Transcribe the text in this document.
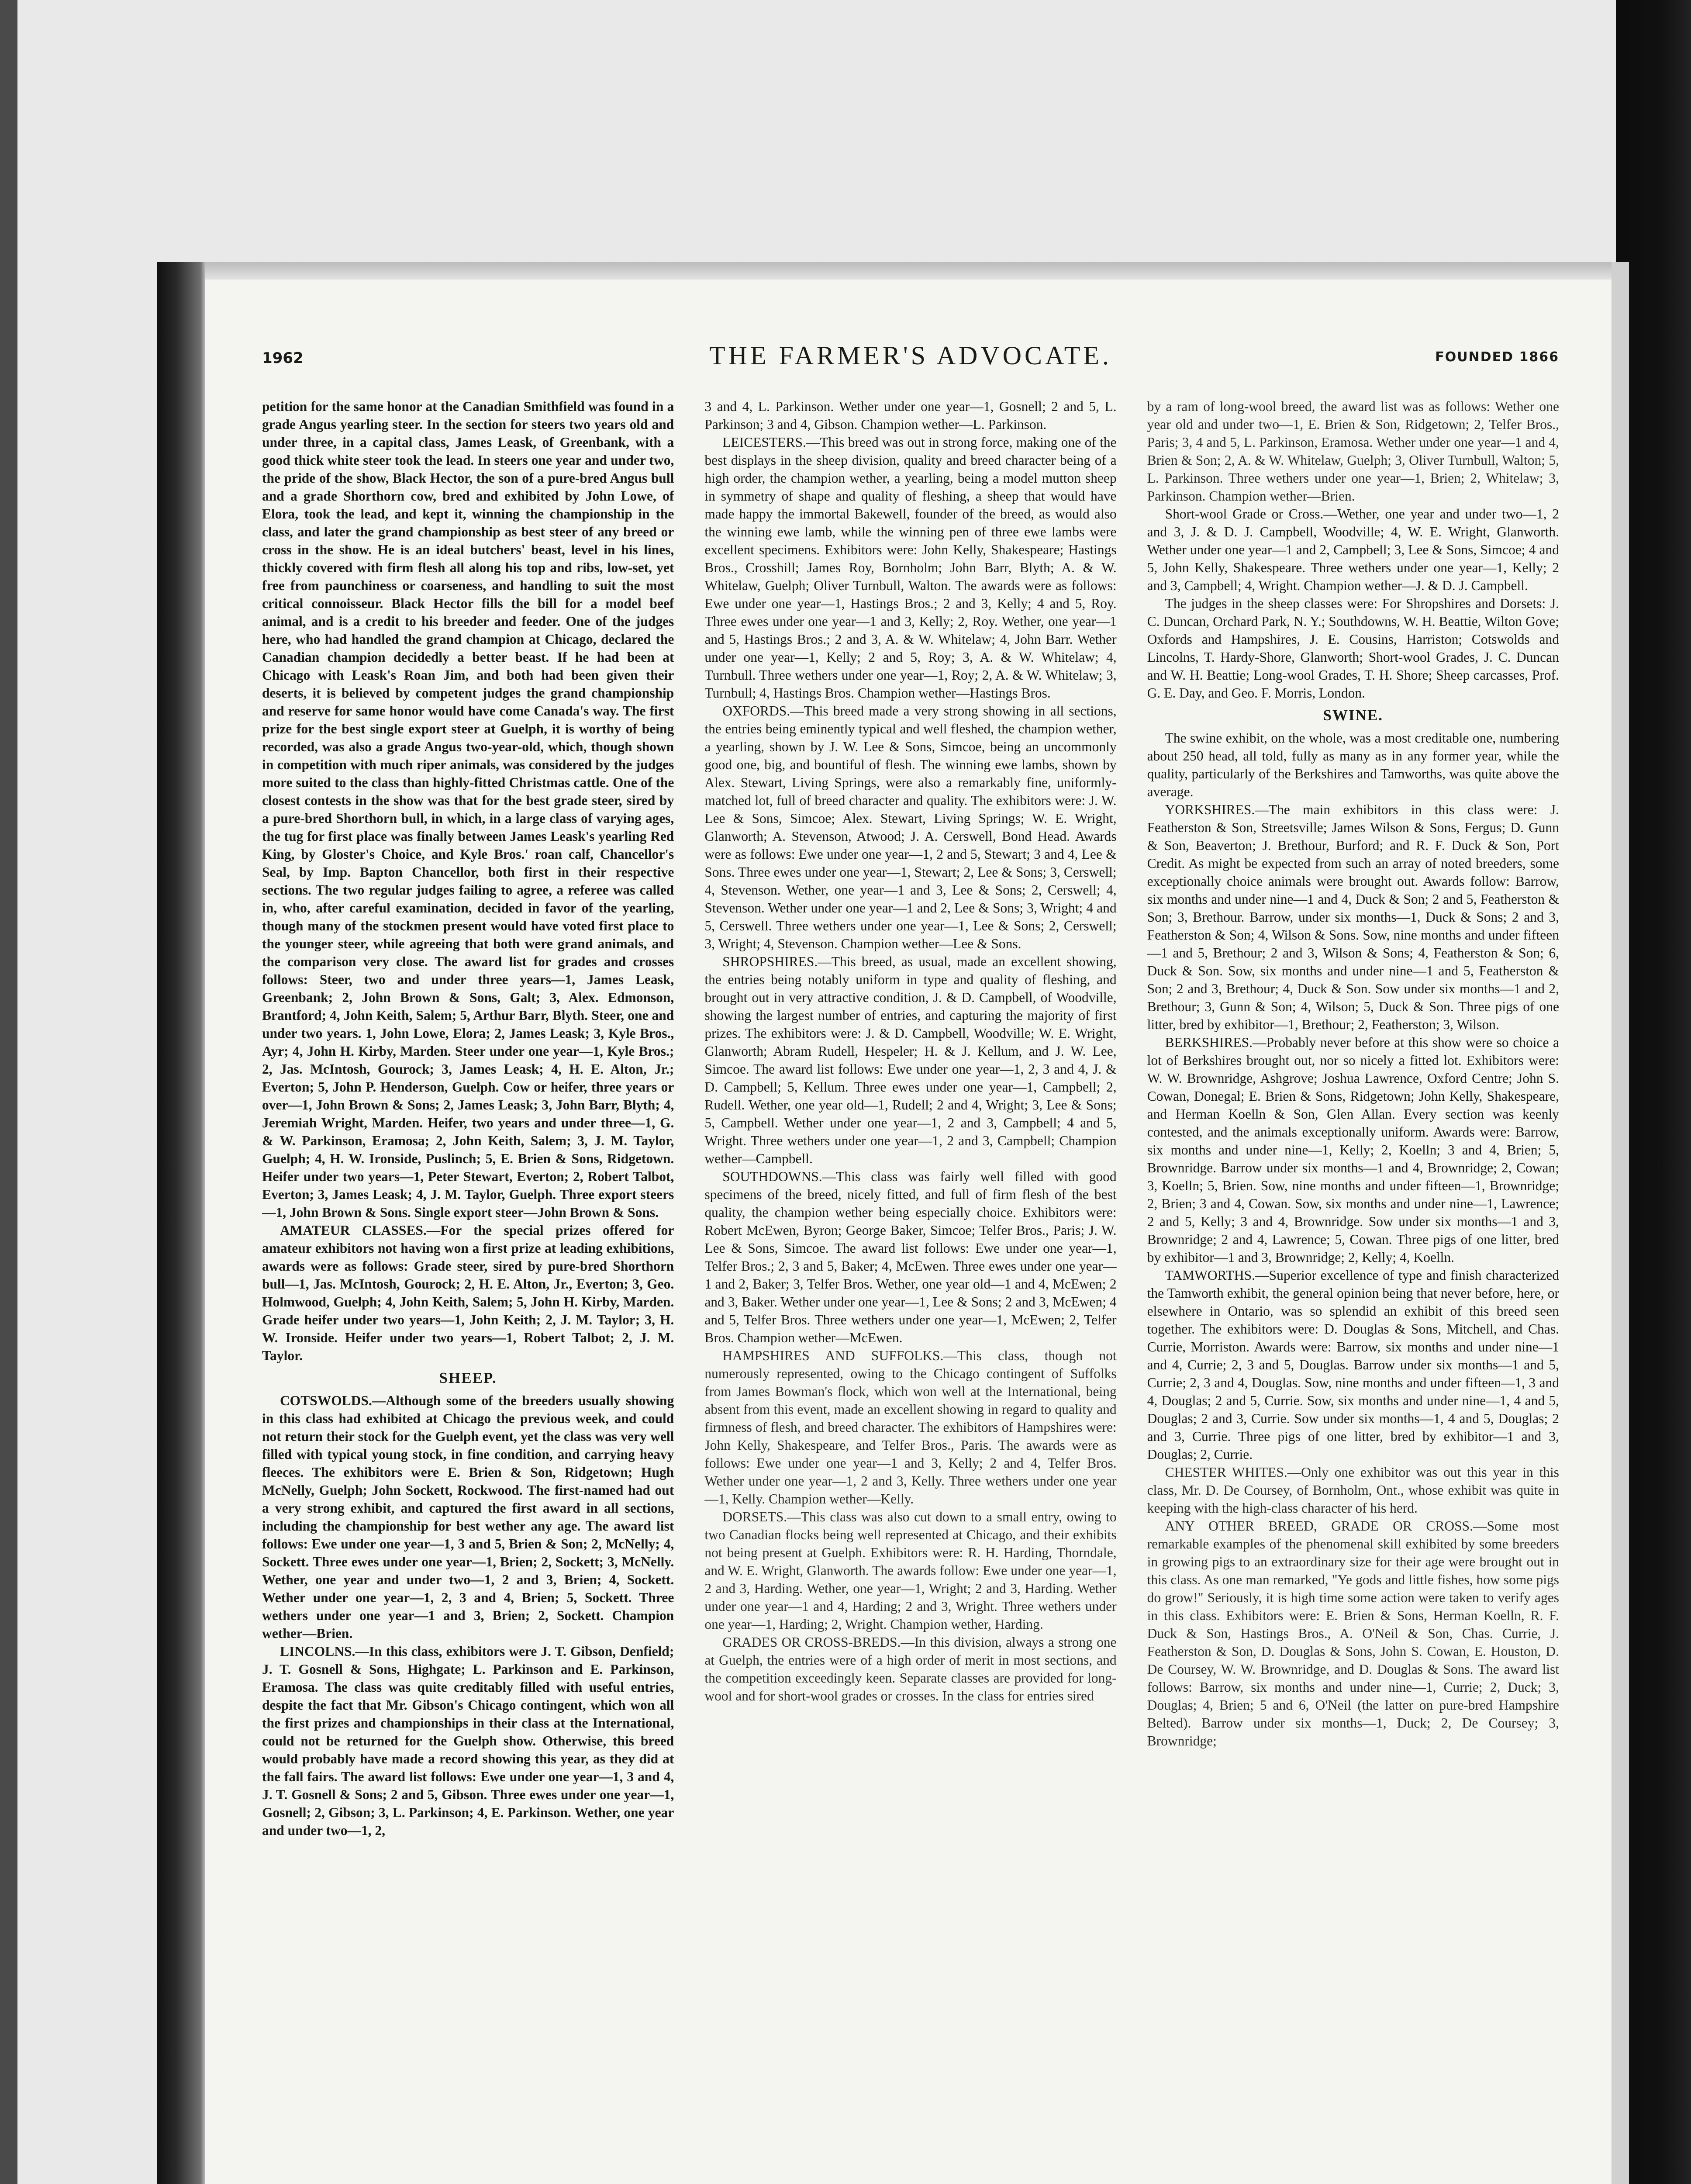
1962	THE FARMER'S ADVOCATE.	FOUNDED 1866

petition for the same honor at the Canadian Smithfield was found in a grade Angus yearling steer. In the section for steers two years old and under three, in a capital class, James Leask, of Greenbank, with a good thick white steer took the lead. In steers one year and under two, the pride of the show, Black Hector, the son of a pure-bred Angus bull and a grade Shorthorn cow, bred and exhibited by John Lowe, of Elora, took the lead, and kept it, winning the championship in the class, and later the grand championship as best steer of any breed or cross in the show. He is an ideal butchers' beast, level in his lines, thickly covered with firm flesh all along his top and ribs, low-set, yet free from paunchiness or coarseness, and handling to suit the most critical connoisseur. Black Hector fills the bill for a model beef animal, and is a credit to his breeder and feeder. One of the judges here, who had handled the grand champion at Chicago, declared the Canadian champion decidedly a better beast. If he had been at Chicago with Leask's Roan Jim, and both had been given their deserts, it is believed by competent judges the grand championship and reserve for same honor would have come Canada's way. The first prize for the best single export steer at Guelph, it is worthy of being recorded, was also a grade Angus two-year-old, which, though shown in competition with much riper animals, was considered by the judges more suited to the class than highly-fitted Christmas cattle. One of the closest contests in the show was that for the best grade steer, sired by a pure-bred Shorthorn bull, in which, in a large class of varying ages, the tug for first place was finally between James Leask's yearling Red King, by Gloster's Choice, and Kyle Bros.' roan calf, Chancellor's Seal, by Imp. Bapton Chancellor, both first in their respective sections. The two regular judges failing to agree, a referee was called in, who, after careful examination, decided in favor of the yearling, though many of the stockmen present would have voted first place to the younger steer, while agreeing that both were grand animals, and the comparison very close. The award list for grades and crosses follows: Steer, two and under three years—1, James Leask, Greenbank; 2, John Brown & Sons, Galt; 3, Alex. Edmonson, Brantford; 4, John Keith, Salem; 5, Arthur Barr, Blyth. Steer, one and under two years. 1, John Lowe, Elora; 2, James Leask; 3, Kyle Bros., Ayr; 4, John H. Kirby, Marden. Steer under one year—1, Kyle Bros.; 2, Jas. McIntosh, Gourock; 3, James Leask; 4, H. E. Alton, Jr.; Everton; 5, John P. Henderson, Guelph. Cow or heifer, three years or over—1, John Brown & Sons; 2, James Leask; 3, John Barr, Blyth; 4, Jeremiah Wright, Marden. Heifer, two years and under three—1, G. & W. Parkinson, Eramosa; 2, John Keith, Salem; 3, J. M. Taylor, Guelph; 4, H. W. Ironside, Puslinch; 5, E. Brien & Sons, Ridgetown. Heifer under two years—1, Peter Stewart, Everton; 2, Robert Talbot, Everton; 3, James Leask; 4, J. M. Taylor, Guelph. Three export steers—1, John Brown & Sons. Single export steer—John Brown & Sons.

AMATEUR CLASSES.—For the special prizes offered for amateur exhibitors not having won a first prize at leading exhibitions, awards were as follows: Grade steer, sired by pure-bred Shorthorn bull—1, Jas. McIntosh, Gourock; 2, H. E. Alton, Jr., Everton; 3, Geo. Holmwood, Guelph; 4, John Keith, Salem; 5, John H. Kirby, Marden. Grade heifer under two years—1, John Keith; 2, J. M. Taylor; 3, H. W. Ironside. Heifer under two years—1, Robert Talbot; 2, J. M. Taylor.

SHEEP.

COTSWOLDS.—Although some of the breeders usually showing in this class had exhibited at Chicago the previous week, and could not return their stock for the Guelph event, yet the class was very well filled with typical young stock, in fine condition, and carrying heavy fleeces. The exhibitors were E. Brien & Son, Ridgetown; Hugh McNelly, Guelph; John Sockett, Rockwood. The first-named had out a very strong exhibit, and captured the first award in all sections, including the championship for best wether any age. The award list follows: Ewe under one year—1, 3 and 5, Brien & Son; 2, McNelly; 4, Sockett. Three ewes under one year—1, Brien; 2, Sockett; 3, McNelly. Wether, one year and under two—1, 2 and 3, Brien; 4, Sockett. Wether under one year—1, 2, 3 and 4, Brien; 5, Sockett. Three wethers under one year—1 and 3, Brien; 2, Sockett. Champion wether—Brien.

LINCOLNS.—In this class, exhibitors were J. T. Gibson, Denfield; J. T. Gosnell & Sons, Highgate; L. Parkinson and E. Parkinson, Eramosa. The class was quite creditably filled with useful entries, despite the fact that Mr. Gibson's Chicago contingent, which won all the first prizes and championships in their class at the International, could not be returned for the Guelph show. Otherwise, this breed would probably have made a record showing this year, as they did at the fall fairs. The award list follows: Ewe under one year—1, 3 and 4, J. T. Gosnell & Sons; 2 and 5, Gibson. Three ewes under one year—1, Gosnell; 2, Gibson; 3, L. Parkinson; 4, E. Parkinson. Wether, one year and under two—1, 2,

3 and 4, L. Parkinson. Wether under one year—1, Gosnell; 2 and 5, L. Parkinson; 3 and 4, Gibson. Champion wether—L. Parkinson.

LEICESTERS.—This breed was out in strong force, making one of the best displays in the sheep division, quality and breed character being of a high order, the champion wether, a yearling, being a model mutton sheep in symmetry of shape and quality of fleshing, a sheep that would have made happy the immortal Bakewell, founder of the breed, as would also the winning ewe lamb, while the winning pen of three ewe lambs were excellent specimens. Exhibitors were: John Kelly, Shakespeare; Hastings Bros., Crosshill; James Roy, Bornholm; John Barr, Blyth; A. & W. Whitelaw, Guelph; Oliver Turnbull, Walton. The awards were as follows: Ewe under one year—1, Hastings Bros.; 2 and 3, Kelly; 4 and 5, Roy. Three ewes under one year—1 and 3, Kelly; 2, Roy. Wether, one year—1 and 5, Hastings Bros.; 2 and 3, A. & W. Whitelaw; 4, John Barr. Wether under one year—1, Kelly; 2 and 5, Roy; 3, A. & W. Whitelaw; 4, Turnbull. Three wethers under one year—1, Roy; 2, A. & W. Whitelaw; 3, Turnbull; 4, Hastings Bros. Champion wether—Hastings Bros.

OXFORDS.—This breed made a very strong showing in all sections, the entries being eminently typical and well fleshed, the champion wether, a yearling, shown by J. W. Lee & Sons, Simcoe, being an uncommonly good one, big, and bountiful of flesh. The winning ewe lambs, shown by Alex. Stewart, Living Springs, were also a remarkably fine, uniformly-matched lot, full of breed character and quality. The exhibitors were: J. W. Lee & Sons, Simcoe; Alex. Stewart, Living Springs; W. E. Wright, Glanworth; A. Stevenson, Atwood; J. A. Cerswell, Bond Head. Awards were as follows: Ewe under one year—1, 2 and 5, Stewart; 3 and 4, Lee & Sons. Three ewes under one year—1, Stewart; 2, Lee & Sons; 3, Cerswell; 4, Stevenson. Wether, one year—1 and 3, Lee & Sons; 2, Cerswell; 4, Stevenson. Wether under one year—1 and 2, Lee & Sons; 3, Wright; 4 and 5, Cerswell. Three wethers under one year—1, Lee & Sons; 2, Cerswell; 3, Wright; 4, Stevenson. Champion wether—Lee & Sons.

SHROPSHIRES.—This breed, as usual, made an excellent showing, the entries being notably uniform in type and quality of fleshing, and brought out in very attractive condition, J. & D. Campbell, of Woodville, showing the largest number of entries, and capturing the majority of first prizes. The exhibitors were: J. & D. Campbell, Woodville; W. E. Wright, Glanworth; Abram Rudell, Hespeler; H. & J. Kellum, and J. W. Lee, Simcoe. The award list follows: Ewe under one year—1, 2, 3 and 4, J. & D. Campbell; 5, Kellum. Three ewes under one year—1, Campbell; 2, Rudell. Wether, one year old—1, Rudell; 2 and 4, Wright; 3, Lee & Sons; 5, Campbell. Wether under one year—1, 2 and 3, Campbell; 4 and 5, Wright. Three wethers under one year—1, 2 and 3, Campbell; Champion wether—Campbell.

SOUTHDOWNS.—This class was fairly well filled with good specimens of the breed, nicely fitted, and full of firm flesh of the best quality, the champion wether being especially choice. Exhibitors were: Robert McEwen, Byron; George Baker, Simcoe; Telfer Bros., Paris; J. W. Lee & Sons, Simcoe. The award list follows: Ewe under one year—1, Telfer Bros.; 2, 3 and 5, Baker; 4, McEwen. Three ewes under one year—1 and 2, Baker; 3, Telfer Bros. Wether, one year old—1 and 4, McEwen; 2 and 3, Baker. Wether under one year—1, Lee & Sons; 2 and 3, McEwen; 4 and 5, Telfer Bros. Three wethers under one year—1, McEwen; 2, Telfer Bros. Champion wether—McEwen.

HAMPSHIRES AND SUFFOLKS.—This class, though not numerously represented, owing to the Chicago contingent of Suffolks from James Bowman's flock, which won well at the International, being absent from this event, made an excellent showing in regard to quality and firmness of flesh, and breed character. The exhibitors of Hampshires were: John Kelly, Shakespeare, and Telfer Bros., Paris. The awards were as follows: Ewe under one year—1 and 3, Kelly; 2 and 4, Telfer Bros. Wether under one year—1, 2 and 3, Kelly. Three wethers under one year—1, Kelly. Champion wether—Kelly.

DORSETS.—This class was also cut down to a small entry, owing to two Canadian flocks being well represented at Chicago, and their exhibits not being present at Guelph. Exhibitors were: R. H. Harding, Thorndale, and W. E. Wright, Glanworth. The awards follow: Ewe under one year—1, 2 and 3, Harding. Wether, one year—1, Wright; 2 and 3, Harding. Wether under one year—1 and 4, Harding; 2 and 3, Wright. Three wethers under one year—1, Harding; 2, Wright. Champion wether, Harding.

GRADES OR CROSS-BREDS.—In this division, always a strong one at Guelph, the entries were of a high order of merit in most sections, and the competition exceedingly keen. Separate classes are provided for long-wool and for short-wool grades or crosses. In the class for entries sired

by a ram of long-wool breed, the award list was as follows: Wether one year old and under two—1, E. Brien & Son, Ridgetown; 2, Telfer Bros., Paris; 3, 4 and 5, L. Parkinson, Eramosa. Wether under one year—1 and 4, Brien & Son; 2, A. & W. Whitelaw, Guelph; 3, Oliver Turnbull, Walton; 5, L. Parkinson. Three wethers under one year—1, Brien; 2, Whitelaw; 3, Parkinson. Champion wether—Brien.

Short-wool Grade or Cross.—Wether, one year and under two—1, 2 and 3, J. & D. J. Campbell, Woodville; 4, W. E. Wright, Glanworth. Wether under one year—1 and 2, Campbell; 3, Lee & Sons, Simcoe; 4 and 5, John Kelly, Shakespeare. Three wethers under one year—1, Kelly; 2 and 3, Campbell; 4, Wright. Champion wether—J. & D. J. Campbell.

The judges in the sheep classes were: For Shropshires and Dorsets: J. C. Duncan, Orchard Park, N. Y.; Southdowns, W. H. Beattie, Wilton Gove; Oxfords and Hampshires, J. E. Cousins, Harriston; Cotswolds and Lincolns, T. Hardy-Shore, Glanworth; Short-wool Grades, J. C. Duncan and W. H. Beattie; Long-wool Grades, T. H. Shore; Sheep carcasses, Prof. G. E. Day, and Geo. F. Morris, London.

SWINE.

The swine exhibit, on the whole, was a most creditable one, numbering about 250 head, all told, fully as many as in any former year, while the quality, particularly of the Berkshires and Tamworths, was quite above the average.

YORKSHIRES.—The main exhibitors in this class were: J. Featherston & Son, Streetsville; James Wilson & Sons, Fergus; D. Gunn & Son, Beaverton; J. Brethour, Burford; and R. F. Duck & Son, Port Credit. As might be expected from such an array of noted breeders, some exceptionally choice animals were brought out. Awards follow: Barrow, six months and under nine—1 and 4, Duck & Son; 2 and 5, Featherston & Son; 3, Brethour. Barrow, under six months—1, Duck & Sons; 2 and 3, Featherston & Son; 4, Wilson & Sons. Sow, nine months and under fifteen—1 and 5, Brethour; 2 and 3, Wilson & Sons; 4, Featherston & Son; 6, Duck & Son. Sow, six months and under nine—1 and 5, Featherston & Son; 2 and 3, Brethour; 4, Duck & Son. Sow under six months—1 and 2, Brethour; 3, Gunn & Son; 4, Wilson; 5, Duck & Son. Three pigs of one litter, bred by exhibitor—1, Brethour; 2, Featherston; 3, Wilson.

BERKSHIRES.—Probably never before at this show were so choice a lot of Berkshires brought out, nor so nicely a fitted lot. Exhibitors were: W. W. Brownridge, Ashgrove; Joshua Lawrence, Oxford Centre; John S. Cowan, Donegal; E. Brien & Sons, Ridgetown; John Kelly, Shakespeare, and Herman Koelln & Son, Glen Allan. Every section was keenly contested, and the animals exceptionally uniform. Awards were: Barrow, six months and under nine—1, Kelly; 2, Koelln; 3 and 4, Brien; 5, Brownridge. Barrow under six months—1 and 4, Brownridge; 2, Cowan; 3, Koelln; 5, Brien. Sow, nine months and under fifteen—1, Brownridge; 2, Brien; 3 and 4, Cowan. Sow, six months and under nine—1, Lawrence; 2 and 5, Kelly; 3 and 4, Brownridge. Sow under six months—1 and 3, Brownridge; 2 and 4, Lawrence; 5, Cowan. Three pigs of one litter, bred by exhibitor—1 and 3, Brownridge; 2, Kelly; 4, Koelln.

TAMWORTHS.—Superior excellence of type and finish characterized the Tamworth exhibit, the general opinion being that never before, here, or elsewhere in Ontario, was so splendid an exhibit of this breed seen together. The exhibitors were: D. Douglas & Sons, Mitchell, and Chas. Currie, Morriston. Awards were: Barrow, six months and under nine—1 and 4, Currie; 2, 3 and 5, Douglas. Barrow under six months—1 and 5, Currie; 2, 3 and 4, Douglas. Sow, nine months and under fifteen—1, 3 and 4, Douglas; 2 and 5, Currie. Sow, six months and under nine—1, 4 and 5, Douglas; 2 and 3, Currie. Sow under six months—1, 4 and 5, Douglas; 2 and 3, Currie. Three pigs of one litter, bred by exhibitor—1 and 3, Douglas; 2, Currie.

CHESTER WHITES.—Only one exhibitor was out this year in this class, Mr. D. De Coursey, of Bornholm, Ont., whose exhibit was quite in keeping with the high-class character of his herd.

ANY OTHER BREED, GRADE OR CROSS.—Some most remarkable examples of the phenomenal skill exhibited by some breeders in growing pigs to an extraordinary size for their age were brought out in this class. As one man remarked, "Ye gods and little fishes, how some pigs do grow!" Seriously, it is high time some action were taken to verify ages in this class. Exhibitors were: E. Brien & Sons, Herman Koelln, R. F. Duck & Son, Hastings Bros., A. O'Neil & Son, Chas. Currie, J. Featherston & Son, D. Douglas & Sons, John S. Cowan, E. Houston, D. De Coursey, W. W. Brownridge, and D. Douglas & Sons. The award list follows: Barrow, six months and under nine—1, Currie; 2, Duck; 3, Douglas; 4, Brien; 5 and 6, O'Neil (the latter on pure-bred Hampshire Belted). Barrow under six months—1, Duck; 2, De Coursey; 3, Brownridge;
